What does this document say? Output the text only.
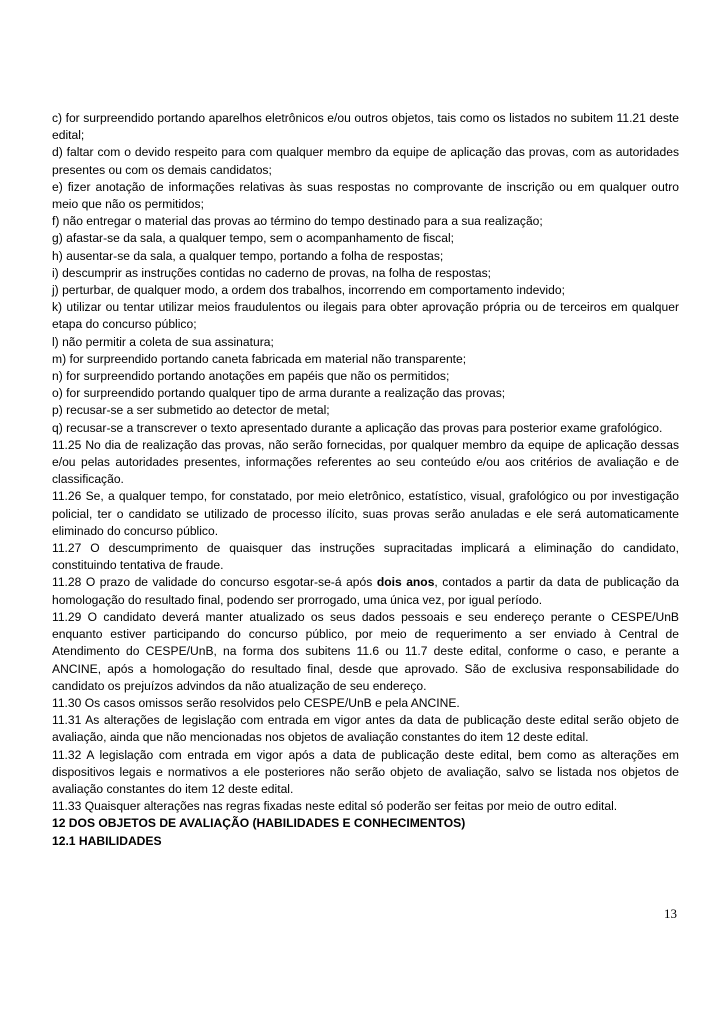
c) for surpreendido portando aparelhos eletrônicos e/ou outros objetos, tais como os listados no subitem 11.21 deste edital;

d) faltar com o devido respeito para com qualquer membro da equipe de aplicação das provas, com as autoridades presentes ou com os demais candidatos;

e) fizer anotação de informações relativas às suas respostas no comprovante de inscrição ou em qualquer outro meio que não os permitidos;

f) não entregar o material das provas ao término do tempo destinado para a sua realização;

g) afastar-se da sala, a qualquer tempo, sem o acompanhamento de fiscal;

h) ausentar-se da sala, a qualquer tempo, portando a folha de respostas;

i) descumprir as instruções contidas no caderno de provas, na folha de respostas;

j) perturbar, de qualquer modo, a ordem dos trabalhos, incorrendo em comportamento indevido;

k) utilizar ou tentar utilizar meios fraudulentos ou ilegais para obter aprovação própria ou de terceiros em qualquer etapa do concurso público;

l) não permitir a coleta de sua assinatura;

m) for surpreendido portando caneta fabricada em material não transparente;

n) for surpreendido portando anotações em papéis que não os permitidos;

o) for surpreendido portando qualquer tipo de arma durante a realização das provas;

p) recusar-se a ser submetido ao detector de metal;

q) recusar-se a transcrever o texto apresentado durante a aplicação das provas para posterior exame grafológico.

11.25 No dia de realização das provas, não serão fornecidas, por qualquer membro da equipe de aplicação dessas e/ou pelas autoridades presentes, informações referentes ao seu conteúdo e/ou aos critérios de avaliação e de classificação.

11.26 Se, a qualquer tempo, for constatado, por meio eletrônico, estatístico, visual, grafológico ou por investigação policial, ter o candidato se utilizado de processo ilícito, suas provas serão anuladas e ele será automaticamente eliminado do concurso público.

11.27 O descumprimento de quaisquer das instruções supracitadas implicará a eliminação do candidato, constituindo tentativa de fraude.

11.28 O prazo de validade do concurso esgotar-se-á após dois anos, contados a partir da data de publicação da homologação do resultado final, podendo ser prorrogado, uma única vez, por igual período.

11.29 O candidato deverá manter atualizado os seus dados pessoais e seu endereço perante o CESPE/UnB enquanto estiver participando do concurso público, por meio de requerimento a ser enviado à Central de Atendimento do CESPE/UnB, na forma dos subitens 11.6 ou 11.7 deste edital, conforme o caso, e perante a ANCINE, após a homologação do resultado final, desde que aprovado. São de exclusiva responsabilidade do candidato os prejuízos advindos da não atualização de seu endereço.

11.30 Os casos omissos serão resolvidos pelo CESPE/UnB e pela ANCINE.

11.31 As alterações de legislação com entrada em vigor antes da data de publicação deste edital serão objeto de avaliação, ainda que não mencionadas nos objetos de avaliação constantes do item 12 deste edital.

11.32 A legislação com entrada em vigor após a data de publicação deste edital, bem como as alterações em dispositivos legais e normativos a ele posteriores não serão objeto de avaliação, salvo se listada nos objetos de avaliação constantes do item 12 deste edital.

11.33 Quaisquer alterações nas regras fixadas neste edital só poderão ser feitas por meio de outro edital.

12 DOS OBJETOS DE AVALIAÇÃO (HABILIDADES E CONHECIMENTOS)

12.1 HABILIDADES

13
